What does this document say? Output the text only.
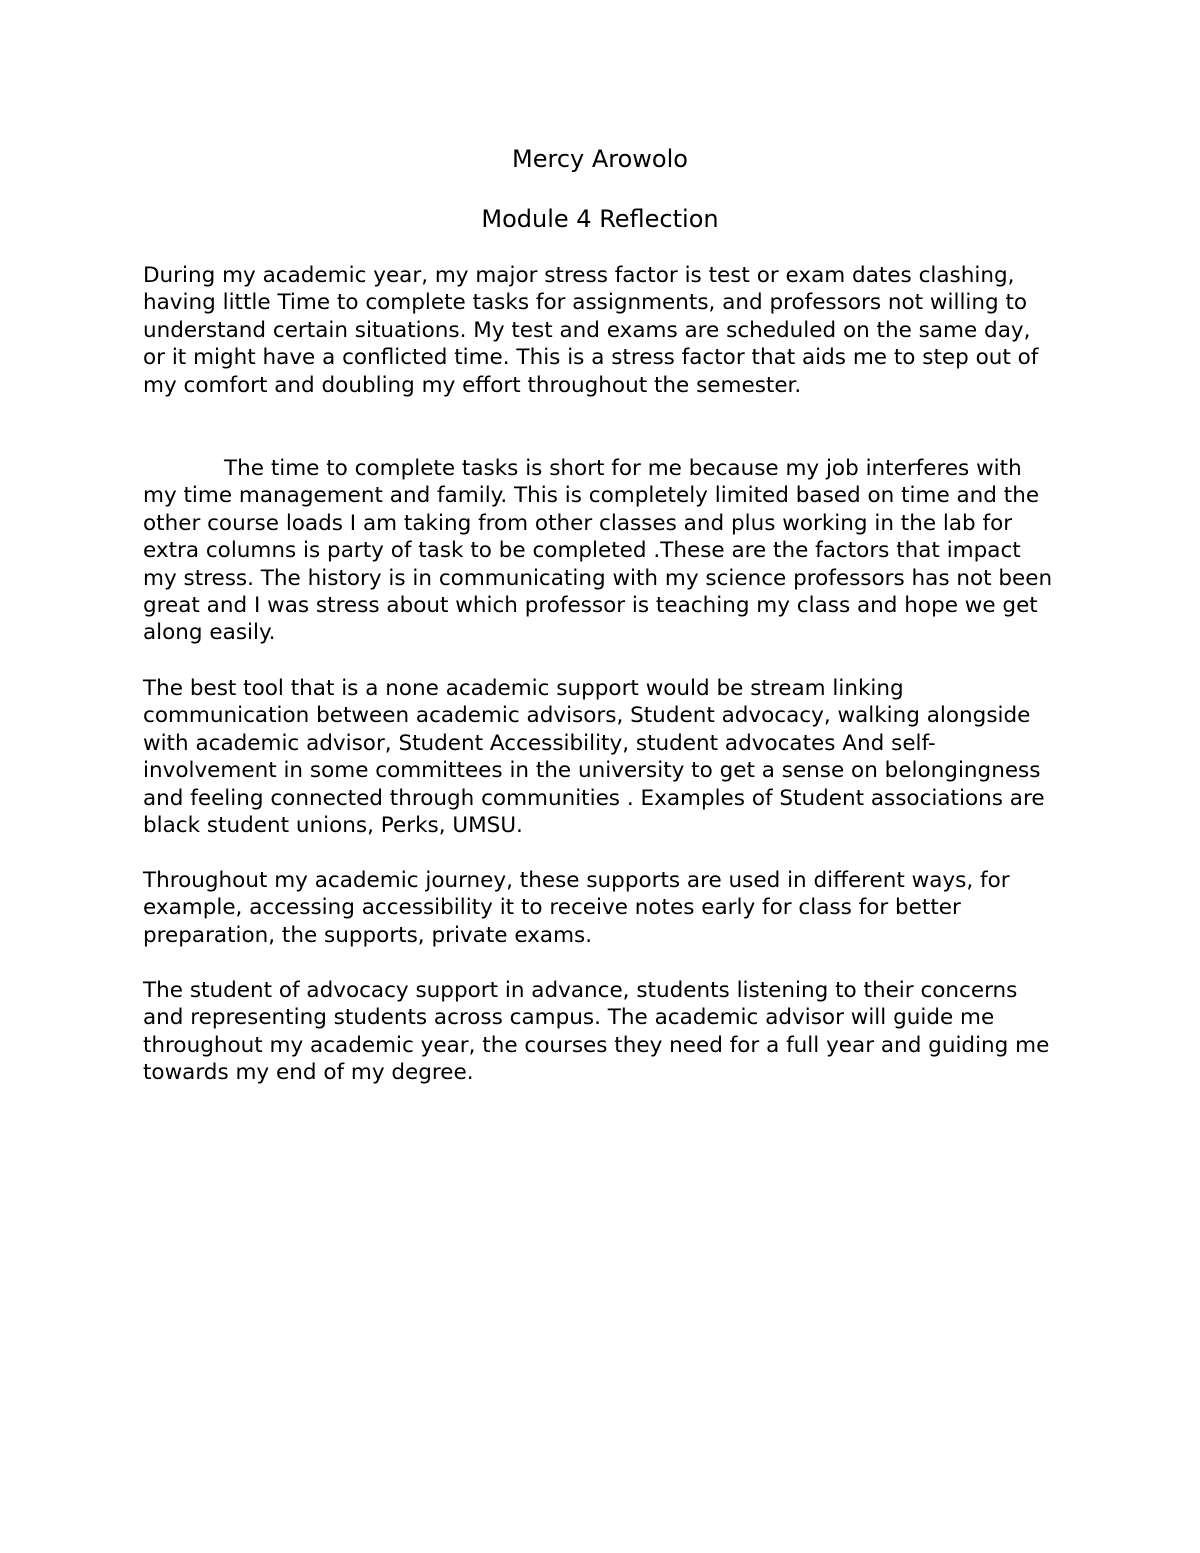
Mercy Arowolo
Module 4 Reflection

During my academic year, my major stress factor is test or exam dates clashing, having little Time to complete tasks for assignments, and professors not willing to understand certain situations. My test and exams are scheduled on the same day, or it might have a conflicted time. This is a stress factor that aids me to step out of my comfort and doubling my effort throughout the semester.

The time to complete tasks is short for me because my job interferes with my time management and family. This is completely limited based on time and the other course loads I am taking from other classes and plus working in the lab for extra columns is party of task to be completed .These are the factors that impact my stress. The history is in communicating with my science professors has not been great and I was stress about which professor is teaching my class and hope we get along easily.

The best tool that is a none academic support would be stream linking communication between academic advisors, Student advocacy, walking alongside with academic advisor, Student Accessibility, student advocates And self-involvement in some committees in the university to get a sense on belongingness and feeling connected through communities . Examples of Student associations are black student unions, Perks, UMSU.

Throughout my academic journey, these supports are used in different ways, for example, accessing accessibility it to receive notes early for class for better preparation, the supports, private exams.

The student of advocacy support in advance, students listening to their concerns and representing students across campus. The academic advisor will guide me throughout my academic year, the courses they need for a full year and guiding me towards my end of my degree.
